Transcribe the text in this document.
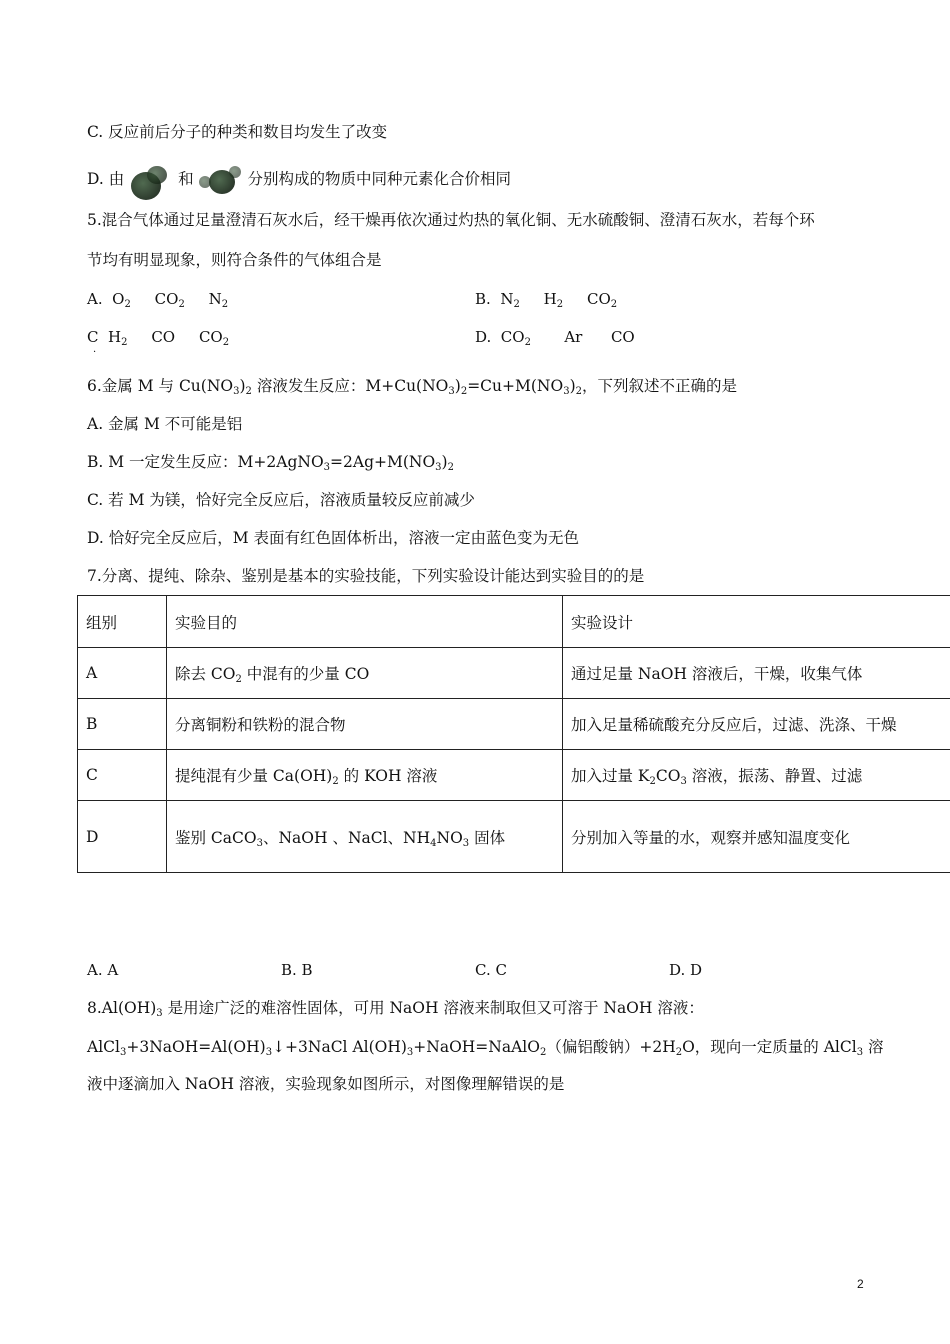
C. 反应前后分子的种类和数目均发生了改变
D. 由	和	分别构成的物质中同种元素化合价相同
5.混合气体通过足量澄清石灰水后，经干燥再依次通过灼热的氧化铜、无水硫酸铜、澄清石灰水，若每个环
节均有明显现象，则符合条件的气体组合是
A.  $O_2$     $CO_2$     $N_2$	B.  $N_2$     $H_2$     $CO_2$
C  $H_2$     CO     $CO_2$
·
D.  $CO_2$       Ar      CO
6.金属 M 与 $Cu(NO_3)_2$ 溶液发生反应：$M+Cu(NO_3)_2=Cu+M(NO_3)_2$，下列叙述不正确的是
A. 金属 M 不可能是铝
B. M 一定发生反应：$M+2AgNO_3=2Ag+M(NO_3)_2$
C. 若 M 为镁，恰好完全反应后，溶液质量较反应前减少
D. 恰好完全反应后，M 表面有红色固体析出，溶液一定由蓝色变为无色
7.分离、提纯、除杂、鉴别是基本的实验技能，下列实验设计能达到实验目的的是
组别	实验目的	实验设计
A	除去 $CO_2$ 中混有的少量 CO	通过足量 NaOH 溶液后，干燥，收集气体
B	分离铜粉和铁粉的混合物	加入足量稀硫酸充分反应后，过滤、洗涤、干燥
C	提纯混有少量 $Ca(OH)_2$ 的 KOH 溶液	加入过量 $K_2CO_3$ 溶液，振荡、静置、过滤
D	鉴别 CaCO$_3$、NaOH 、NaCl、$NH_4NO_3$ 固体	分别加入等量的水，观察并感知温度变化
A. A	B. B	C. C	D. D
$8.Al(OH)_3$ 是用途广泛的难溶性固体，可用 NaOH 溶液来制取但又可溶于 NaOH 溶液：
$AlCl_3+3NaOH=Al(OH)_3↓+3NaCl$ $Al(OH)_3+NaOH=NaAlO_2$（偏铝酸钠）$+2H_2O$，现向一定质量的 AlCl$_3$ 溶
液中逐滴加入 NaOH 溶液，实验现象如图所示，对图像理解错误的是
2
